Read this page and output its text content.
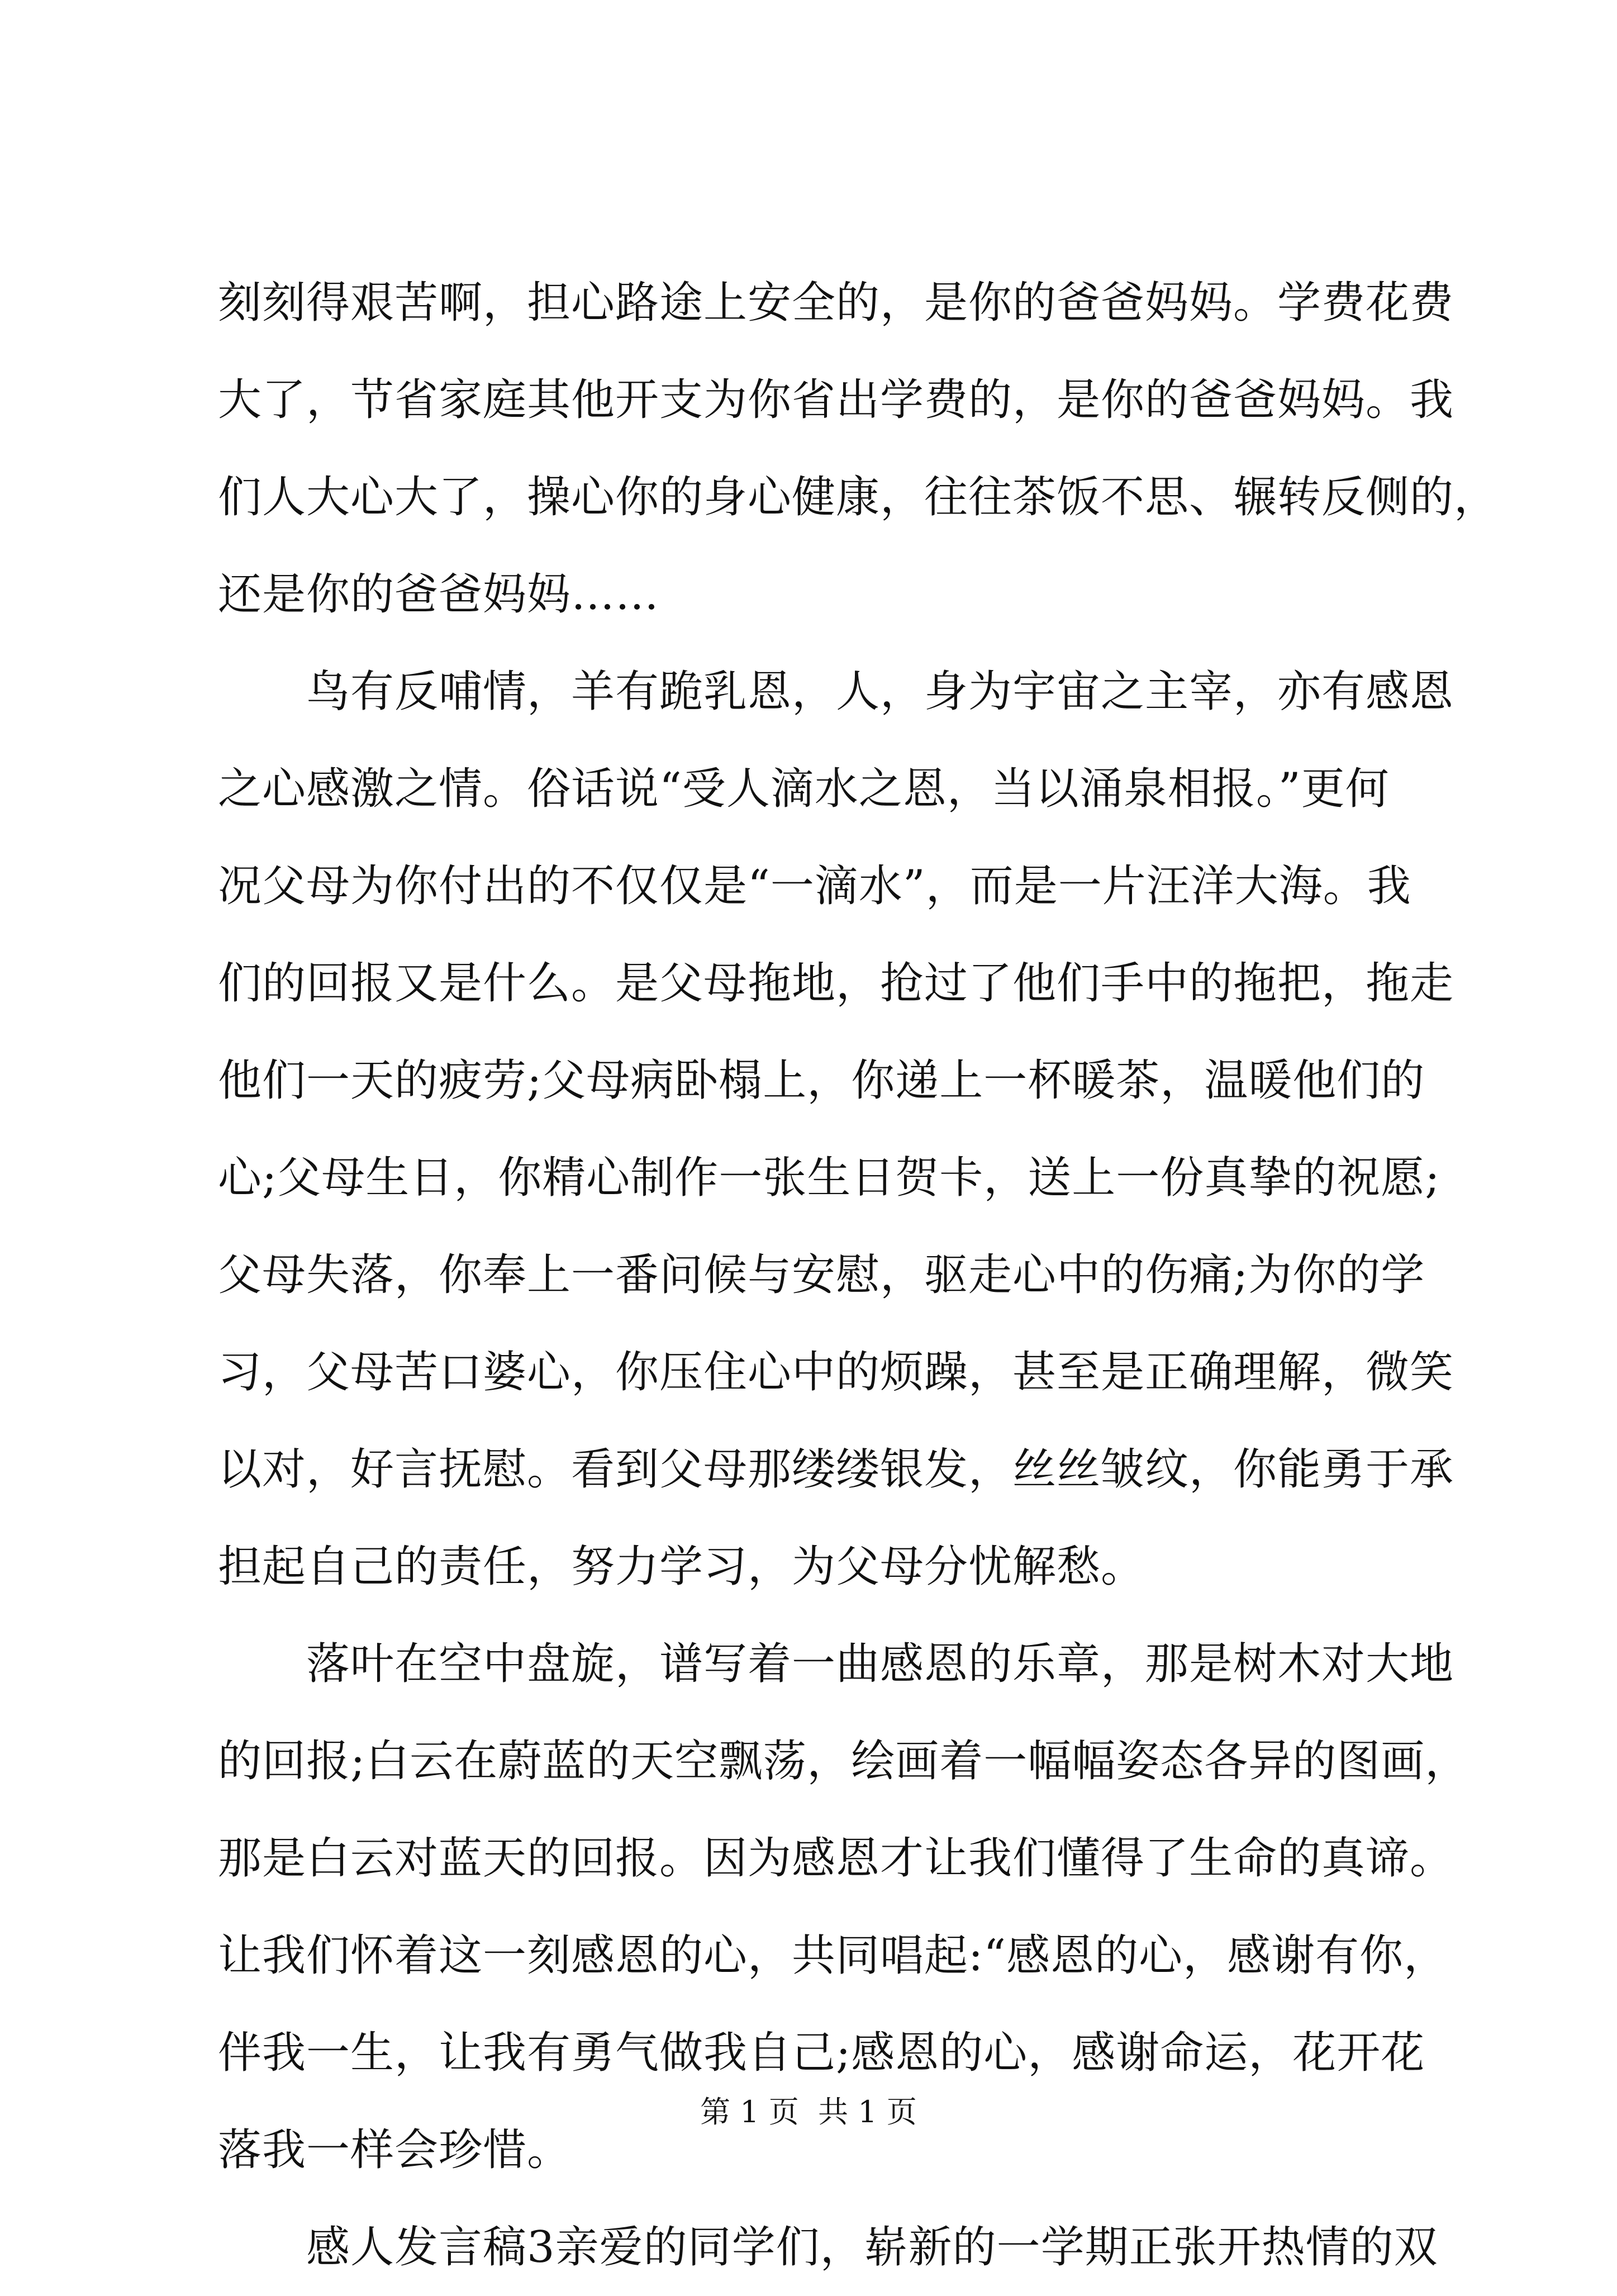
刻刻得艰苦啊，担心路途上安全的，是你的爸爸妈妈。学费花费
大了，节省家庭其他开支为你省出学费的，是你的爸爸妈妈。我
们人大心大了，操心你的身心健康，往往茶饭不思、辗转反侧的，
还是你的爸爸妈妈……
　　鸟有反哺情，羊有跪乳恩，人，身为宇宙之主宰，亦有感恩
之心感激之情。俗话说“受人滴水之恩，当以涌泉相报。”更何
况父母为你付出的不仅仅是“一滴水”，而是一片汪洋大海。我
们的回报又是什么。是父母拖地，抢过了他们手中的拖把，拖走
他们一天的疲劳;父母病卧榻上，你递上一杯暖茶，温暖他们的
心;父母生日，你精心制作一张生日贺卡，送上一份真挚的祝愿;
父母失落，你奉上一番问候与安慰，驱走心中的伤痛;为你的学
习，父母苦口婆心，你压住心中的烦躁，甚至是正确理解，微笑
以对，好言抚慰。看到父母那缕缕银发，丝丝皱纹，你能勇于承
担起自己的责任，努力学习，为父母分忧解愁。
　　落叶在空中盘旋，谱写着一曲感恩的乐章，那是树木对大地
的回报;白云在蔚蓝的天空飘荡，绘画着一幅幅姿态各异的图画，
那是白云对蓝天的回报。因为感恩才让我们懂得了生命的真谛。
让我们怀着这一刻感恩的心，共同唱起:“感恩的心，感谢有你，
伴我一生，让我有勇气做我自己;感恩的心，感谢命运，花开花
落我一样会珍惜。
　　感人发言稿3亲爱的同学们，崭新的一学期正张开热情的双
第 1 页  共 1 页
